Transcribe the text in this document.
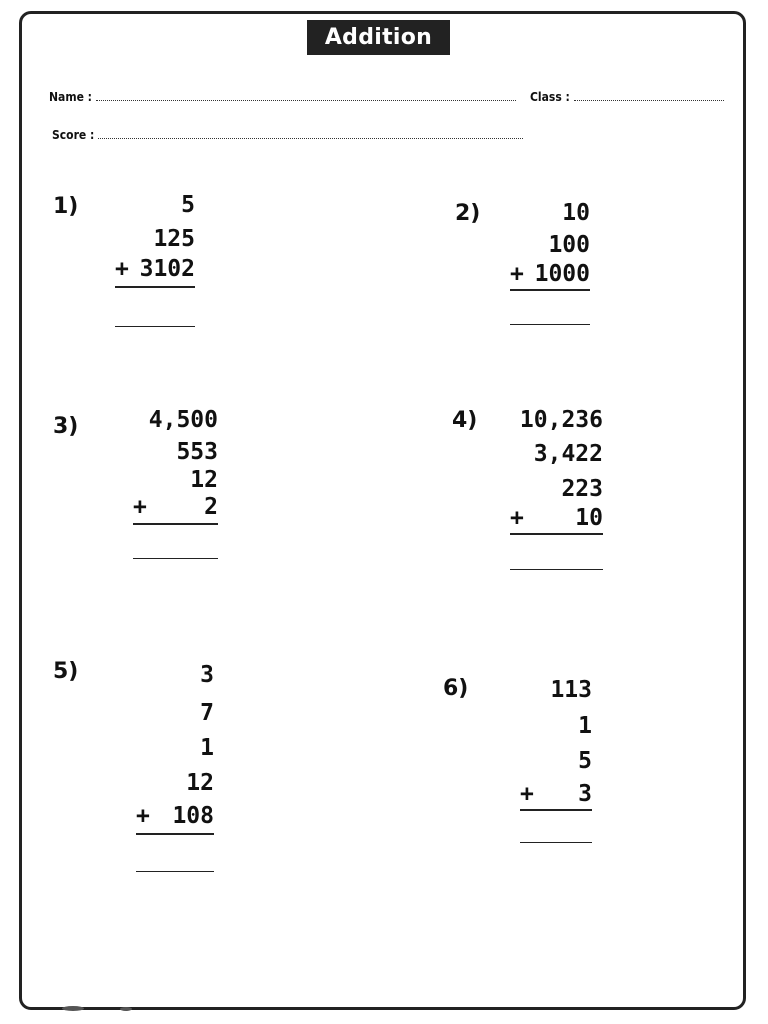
Addition
Name :	Class :
Score :
1)	5
125
+ 3102
2)	10
100
+ 1000
3)	4,500
553
12
+ 2
4)	10,236
3,422
223
+ 10
5)	3
7
1
12
+ 108
6)	113
1
5
+ 3
